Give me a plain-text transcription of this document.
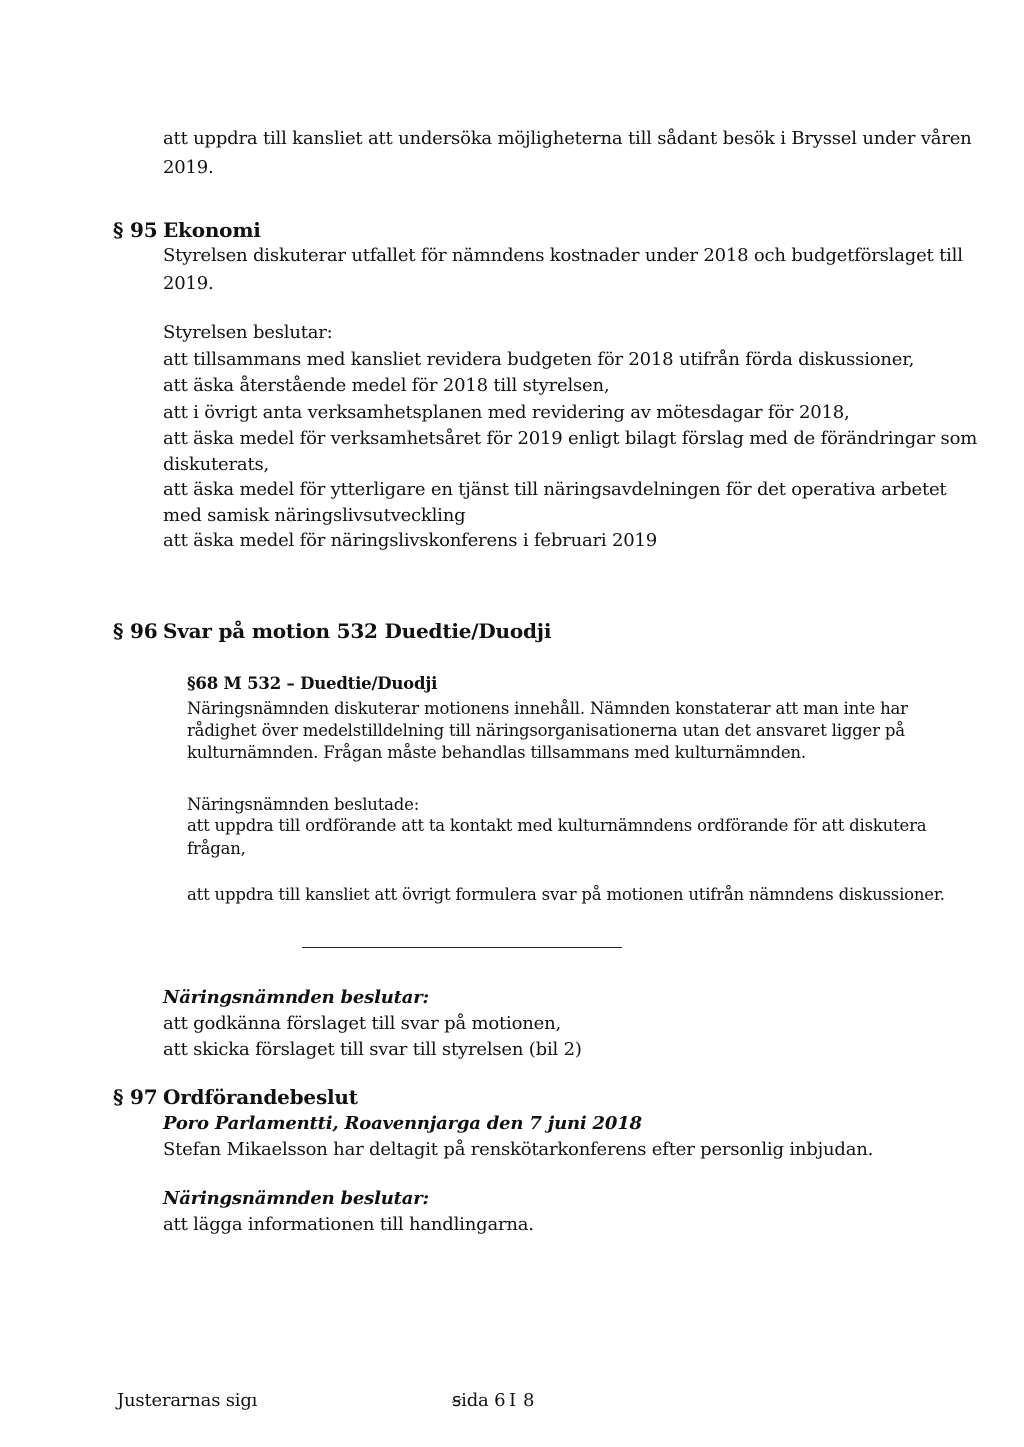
att uppdra till kansliet att undersöka möjligheterna till sådant besök i Bryssel under våren
2019.
§ 95 Ekonomi
Styrelsen diskuterar utfallet för nämndens kostnader under 2018 och budgetförslaget till
2019.
Styrelsen beslutar:
att tillsammans med kansliet revidera budgeten för 2018 utifrån förda diskussioner,
att äska återstående medel för 2018 till styrelsen,
att i övrigt anta verksamhetsplanen med revidering av mötesdagar för 2018,
att äska medel för verksamhetsåret för 2019 enligt bilagt förslag med de förändringar som
diskuterats,
att äska medel för ytterligare en tjänst till näringsavdelningen för det operativa arbetet
med samisk näringslivsutveckling
att äska medel för näringslivskonferens i februari 2019
§ 96 Svar på motion 532 Duedtie/Duodji
§68 M 532 – Duedtie/Duodji
Näringsnämnden diskuterar motionens innehåll. Nämnden konstaterar att man inte har
rådighet över medelstilldelning till näringsorganisationerna utan det ansvaret ligger på
kulturnämnden. Frågan måste behandlas tillsammans med kulturnämnden.
Näringsnämnden beslutade:
att uppdra till ordförande att ta kontakt med kulturnämndens ordförande för att diskutera
frågan,
att uppdra till kansliet att övrigt formulera svar på motionen utifrån nämndens diskussioner.
Näringsnämnden beslutar:
att godkänna förslaget till svar på motionen,
att skicka förslaget till svar till styrelsen (bil 2)
§ 97 Ordförandebeslut
Poro Parlamentti, Roavennjarga den 7 juni 2018
Stefan Mikaelsson har deltagit på renskötarkonferens efter personlig inbjudan.
Näringsnämnden beslutar:
att lägga informationen till handlingarna.
Justerarnas sigı	ꞩida 6 I 8
